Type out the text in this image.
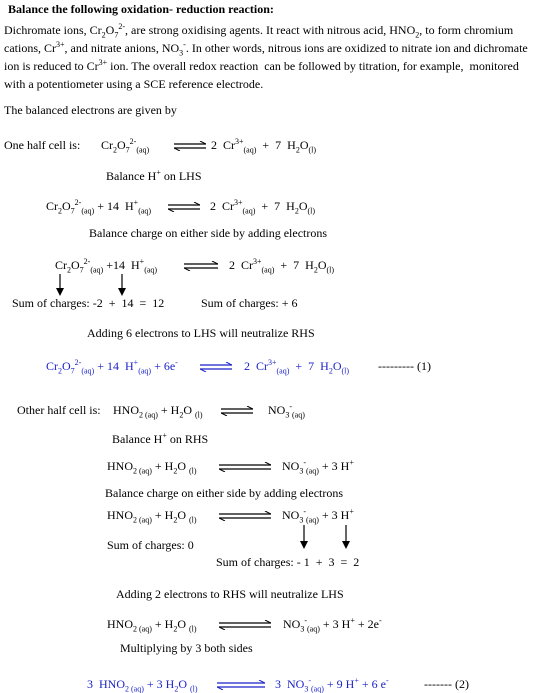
Balance the following oxidation- reduction reaction:
Dichromate ions, $Cr_2O_7^{2-}$, are strong oxidising agents. It react with nitrous acid, $HNO_2$, to form chromium
cations, $Cr^{3+}$, and nitrate anions, $NO_3^-$. In other words, nitrous ions are oxidized to nitrate ion and dichromate
ion is reduced to $Cr^{3+}$ ion. The overall redox reaction  can be followed by titration, for example,  monitored
with a potentiometer using a SCE reference electrode.
The balanced electrons are given by
One half cell is: $Cr_2O_7^{2-}_{(aq)}$ ⇌ 2  $Cr^{3+}_{(aq)} + 7$  $H_2O_{(l)}$
Balance H+ on LHS
$Cr_2O_7^{2-}_{(aq)} + 14$  $H^+_{(aq)}$ ⇌ 2  $Cr^{3+}_{(aq)} + 7$  $H_2O_{(l)}$
Balance charge on either side by adding electrons
$Cr_2O_7^{2-}_{(aq)} +14$  $H^+_{(aq)}$ ⇌ 2  $Cr^{3+}_{(aq)} + 7$  $H_2O_{(l)}$
Sum of charges: -2  +  14  =  12	Sum of charges: + 6
Adding 6 electrons to LHS will neutralize RHS
$Cr_2O_7^{2-}_{(aq)} + 14$  $H^+_{(aq)} + 6e^-$ ⇌ 2  $Cr^{3+}_{(aq)} + 7$  $H_2O_{(l)}$ --------- (1)
Other half cell is: $HNO_{2 (aq)} + H_2O$ $_{(l)}$ ⇌ $NO_3^-_{(aq)}$
Balance H+ on RHS
$HNO_{2 (aq)} + H_2O$ $_{(l)}$	$NO_3^-_{(aq)} + 3$ H+
Balance charge on either side by adding electrons
$HNO_{2 (aq)} + H_2O$ $_{(l)}$	$NO_3^-_{(aq)} + 3$ H+
Sum of charges: 0
Sum of charges: - 1  +  3  =  2
Adding 2 electrons to RHS will neutralize LHS
$HNO_{2 (aq)} + H_2O$ $_{(l)}$	$NO_3^-_{(aq)} + 3$ H+ + 2e-
Multiplying by 3 both sides
3  $HNO_{2 (aq)} + 3$ $H_2O$ $_{(l)}$ ⇌ 3  $NO_3^-_{(aq)} + 9$ H+ + 6 e-	------- (2)
